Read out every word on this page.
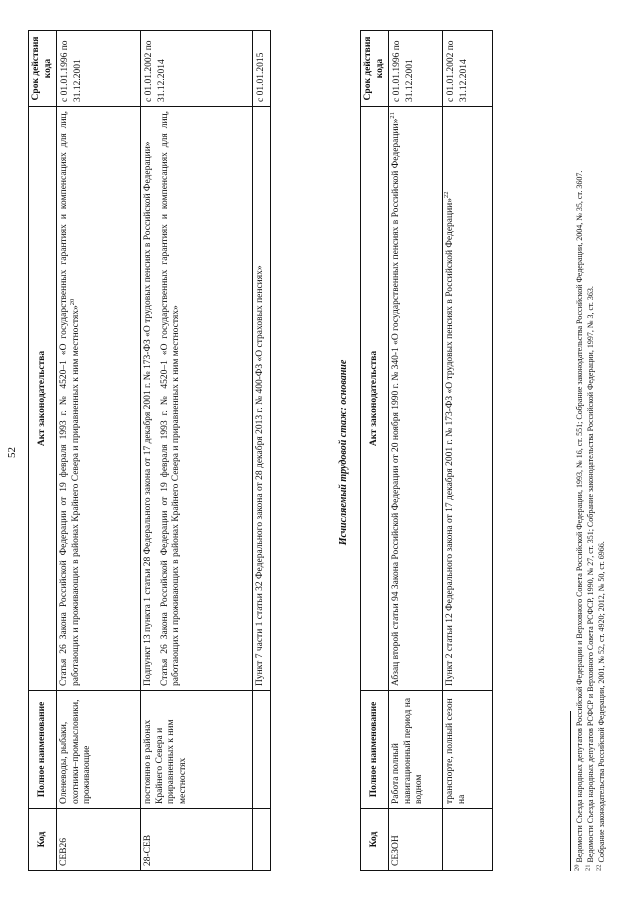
52
Код	Полное наименование	Акт законодательства	Срок действия кода
СЕВ26	Оленеводы, рыбаки, охотники–промысловики, проживающие	Статья 26 Закона Российской Федерации от 19 февраля 1993 г. № 4520–1 «О государственных гарантиях и компенсациях для лиц, работающих и проживающих в районах Крайнего Севера и приравненных к ним местностях»$^{20}$	с 01.01.1996 по 31.12.2001
28-СЕВ	постоянно в районах Крайнего Севера и приравненных к ним местностях	Подпункт 13 пункта 1 статьи 28 Федерального закона от 17 декабря 2001 г. № 173-ФЗ «О трудовых пенсиях в Российской Федерации» Статья 26 Закона Российской Федерации от 19 февраля 1993 г. № 4520–1 «О государственных гарантиях и компенсациях для лиц, работающих и проживающих в районах Крайнего Севера и приравненных к ним местностях»	с 01.01.2002 по 31.12.2014
		Пункт 7 части 1 статьи 32 Федерального закона от 28 декабря 2013 г. № 400-ФЗ «О страховых пенсиях»	с 01.01.2015
Исчисляемый трудовой стаж: основание
Код	Полное наименование	Акт законодательства	Срок действия кода
СЕЗОН	Работа полный навигационный период на водном	Абзац второй статьи 94 Закона Российской Федерации от 20 ноября 1990 г. № 340-1 «О государственных пенсиях в Российской Федерации»$^{21}$	с 01.01.1996 по 31.12.2001
	транспорте, полный сезон на	Пункт 2 статьи 12 Федерального закона от 17 декабря 2001 г. № 173-ФЗ «О трудовых пенсиях в Российской Федерации»$^{22}$	с 01.01.2002 по 31.12.2014

$^{20}$ Ведомости Съезда народных депутатов Российской Федерации и Верховного Совета Российской Федерации, 1993, № 16, ст. 551; Собрание законодательства Российской Федерации, 2004, № 35, ст. 3607.

$^{21}$ Ведомости Съезда народных депутатов РСФСР и Верховного Совета РСФСР, 1990, № 27, ст. 351; Собрание законодательства Российской Федерации, 1997, № 3, ст. 363.

$^{22}$ Собрание законодательства Российской Федерации, 2001, № 52, ст. 4920; 2012, № 50, ст. 6966.
